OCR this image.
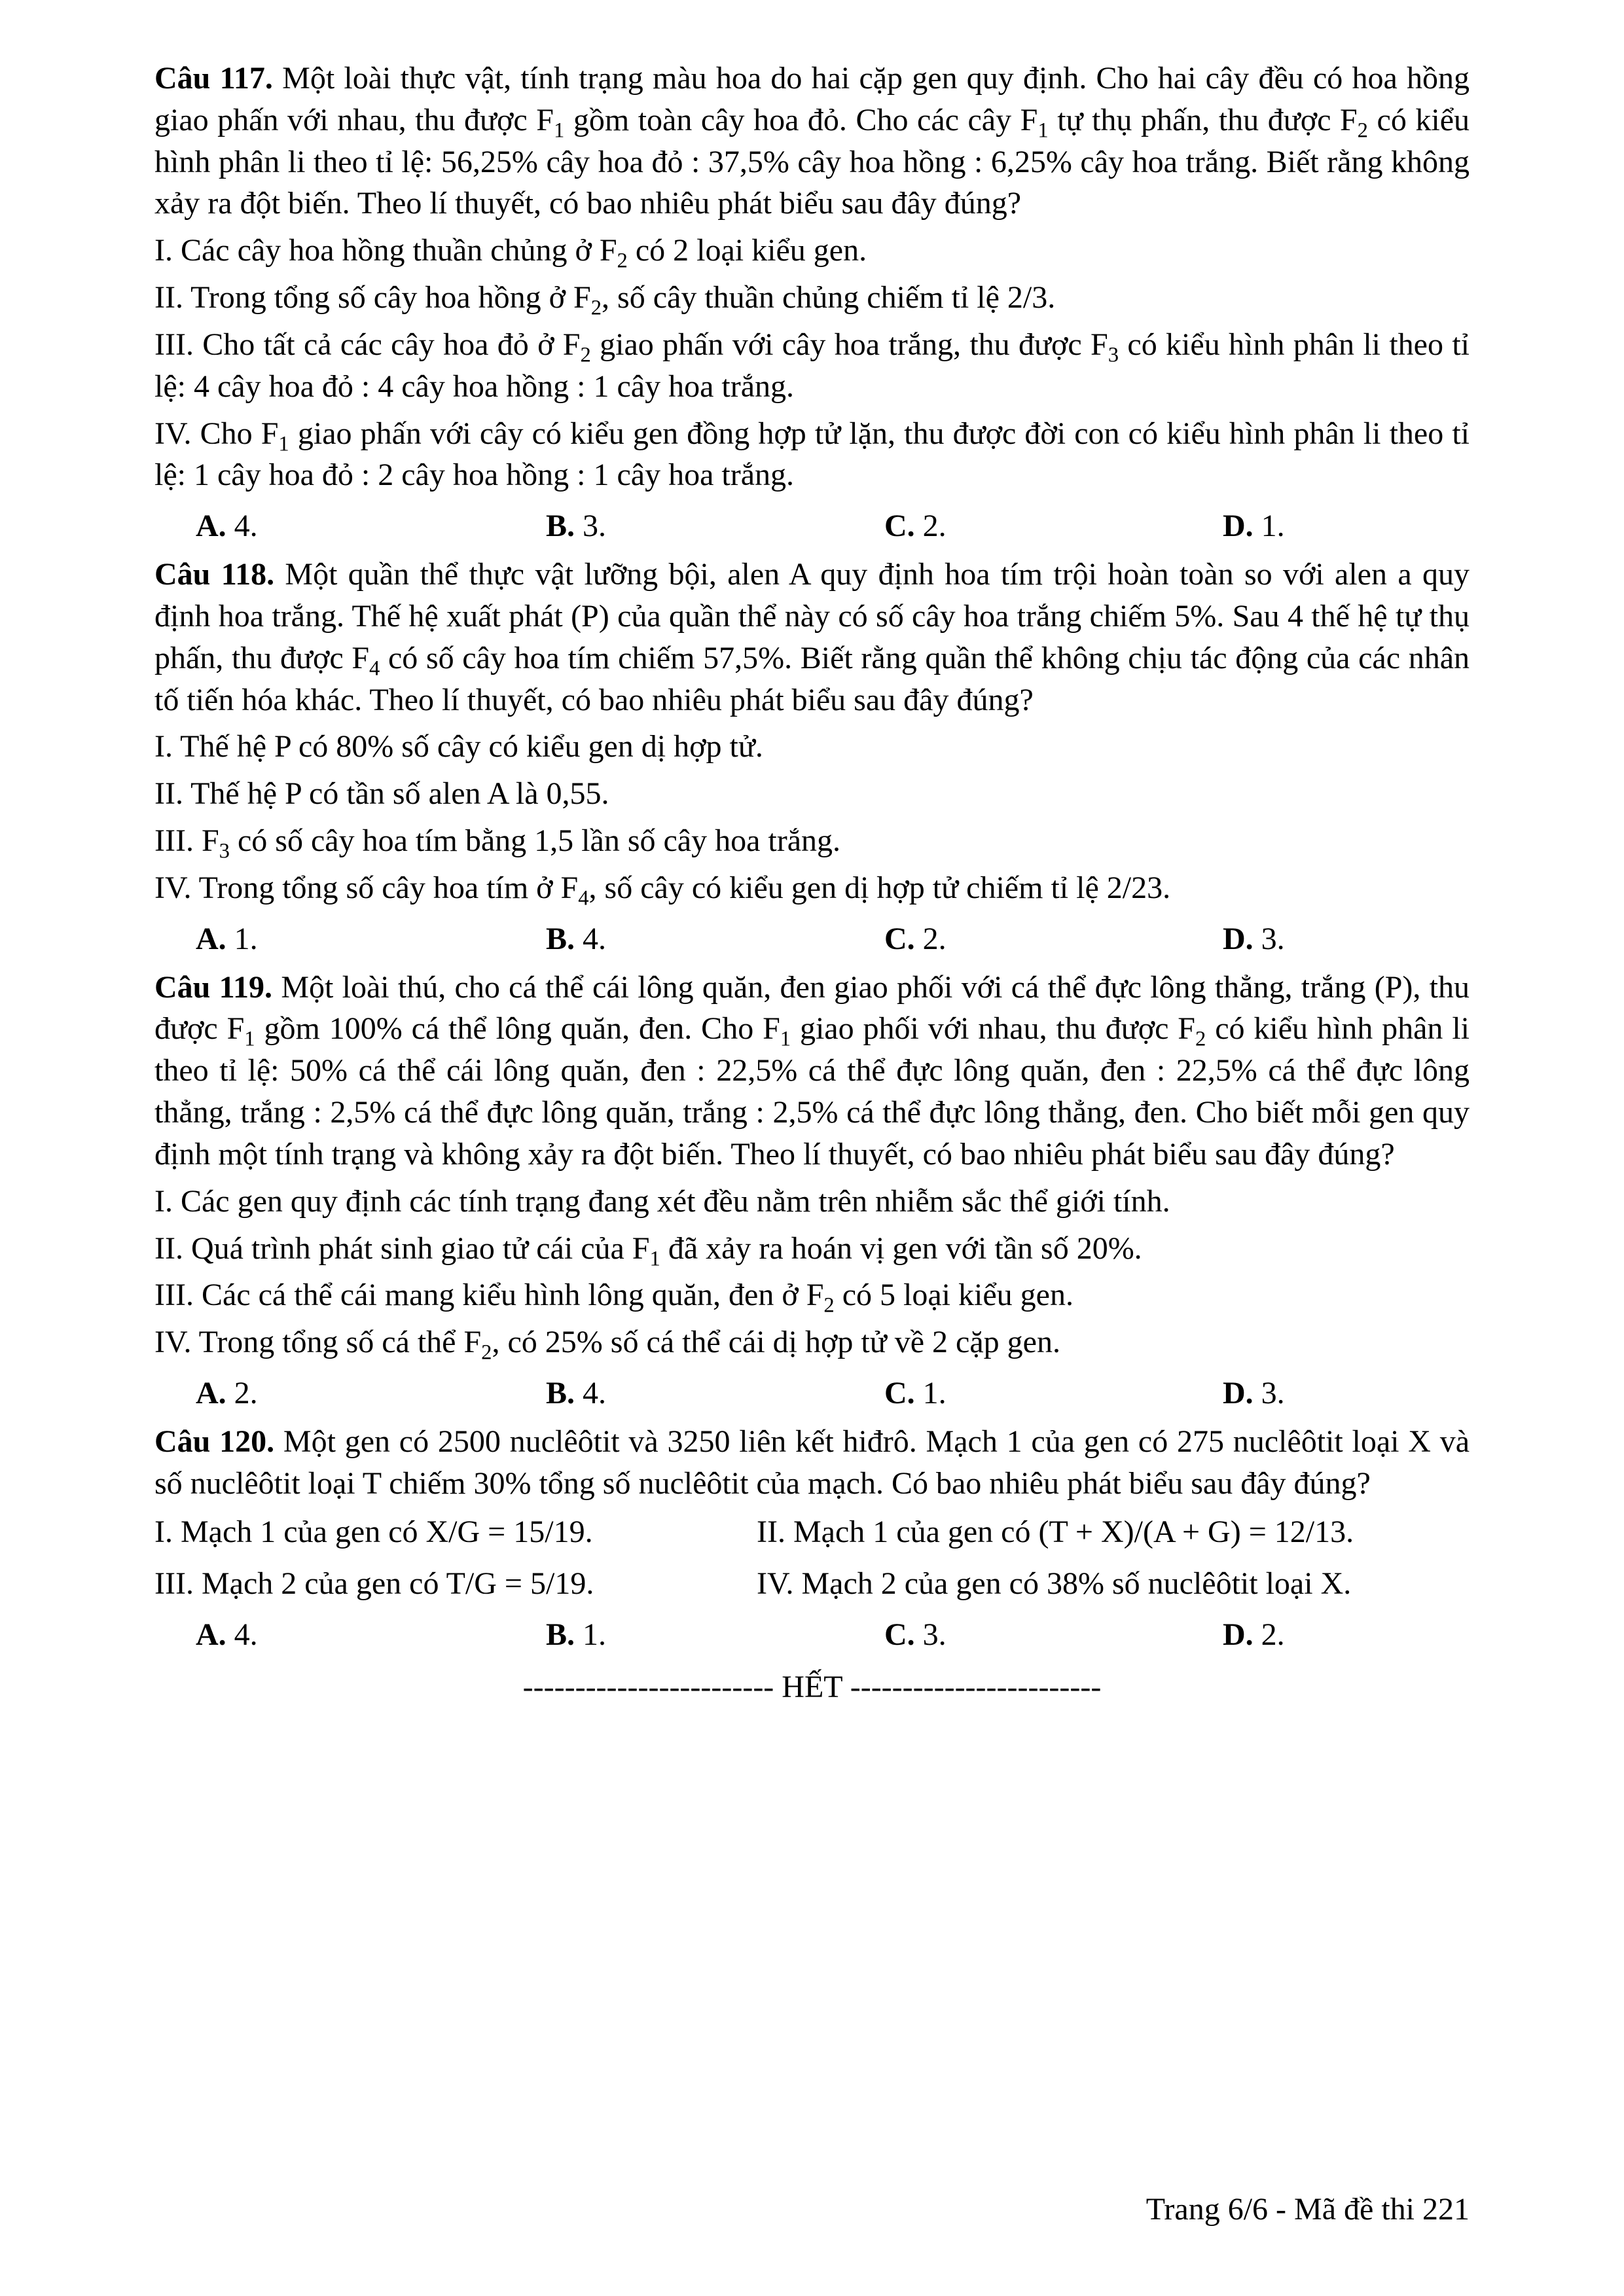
Câu 117. Một loài thực vật, tính trạng màu hoa do hai cặp gen quy định. Cho hai cây đều có hoa hồng giao phấn với nhau, thu được $F_1$ gồm toàn cây hoa đỏ. Cho các cây $F_1$ tự thụ phấn, thu được $F_2$ có kiểu hình phân li theo tỉ lệ: 56,25% cây hoa đỏ : 37,5% cây hoa hồng : 6,25% cây hoa trắng. Biết rằng không xảy ra đột biến. Theo lí thuyết, có bao nhiêu phát biểu sau đây đúng?

I. Các cây hoa hồng thuần chủng ở $F_2$ có 2 loại kiểu gen.

II. Trong tổng số cây hoa hồng ở $F_2$, số cây thuần chủng chiếm tỉ lệ 2/3.

III. Cho tất cả các cây hoa đỏ ở $F_2$ giao phấn với cây hoa trắng, thu được $F_3$ có kiểu hình phân li theo tỉ lệ: 4 cây hoa đỏ : 4 cây hoa hồng : 1 cây hoa trắng.

IV. Cho $F_1$ giao phấn với cây có kiểu gen đồng hợp tử lặn, thu được đời con có kiểu hình phân li theo tỉ lệ: 1 cây hoa đỏ : 2 cây hoa hồng : 1 cây hoa trắng.

A. 4.	B. 3.	C. 2.	D. 1.

Câu 118. Một quần thể thực vật lưỡng bội, alen A quy định hoa tím trội hoàn toàn so với alen a quy định hoa trắng. Thế hệ xuất phát (P) của quần thể này có số cây hoa trắng chiếm 5%. Sau 4 thế hệ tự thụ phấn, thu được $F_4$ có số cây hoa tím chiếm 57,5%. Biết rằng quần thể không chịu tác động của các nhân tố tiến hóa khác. Theo lí thuyết, có bao nhiêu phát biểu sau đây đúng?

I. Thế hệ P có 80% số cây có kiểu gen dị hợp tử.

II. Thế hệ P có tần số alen A là 0,55.

III. $F_3$ có số cây hoa tím bằng 1,5 lần số cây hoa trắng.

IV. Trong tổng số cây hoa tím ở $F_4$, số cây có kiểu gen dị hợp tử chiếm tỉ lệ 2/23.

A. 1.	B. 4.	C. 2.	D. 3.

Câu 119. Một loài thú, cho cá thể cái lông quăn, đen giao phối với cá thể đực lông thẳng, trắng (P), thu được $F_1$ gồm 100% cá thể lông quăn, đen. Cho $F_1$ giao phối với nhau, thu được $F_2$ có kiểu hình phân li theo tỉ lệ: 50% cá thể cái lông quăn, đen : 22,5% cá thể đực lông quăn, đen : 22,5% cá thể đực lông thẳng, trắng : 2,5% cá thể đực lông quăn, trắng : 2,5% cá thể đực lông thẳng, đen. Cho biết mỗi gen quy định một tính trạng và không xảy ra đột biến. Theo lí thuyết, có bao nhiêu phát biểu sau đây đúng?

I. Các gen quy định các tính trạng đang xét đều nằm trên nhiễm sắc thể giới tính.

II. Quá trình phát sinh giao tử cái của $F_1$ đã xảy ra hoán vị gen với tần số 20%.

III. Các cá thể cái mang kiểu hình lông quăn, đen ở $F_2$ có 5 loại kiểu gen.

IV. Trong tổng số cá thể $F_2$, có 25% số cá thể cái dị hợp tử về 2 cặp gen.

A. 2.	B. 4.	C. 1.	D. 3.

Câu 120. Một gen có 2500 nuclêôtit và 3250 liên kết hiđrô. Mạch 1 của gen có 275 nuclêôtit loại X và số nuclêôtit loại T chiếm 30% tổng số nuclêôtit của mạch. Có bao nhiêu phát biểu sau đây đúng?

I. Mạch 1 của gen có X/G = 15/19.	II. Mạch 1 của gen có (T + X)/(A + G) = 12/13.

III. Mạch 2 của gen có T/G = 5/19.	IV. Mạch 2 của gen có 38% số nuclêôtit loại X.

A. 4.	B. 1.	C. 3.	D. 2.

------------------------ HẾT ------------------------

Trang 6/6 - Mã đề thi 221
